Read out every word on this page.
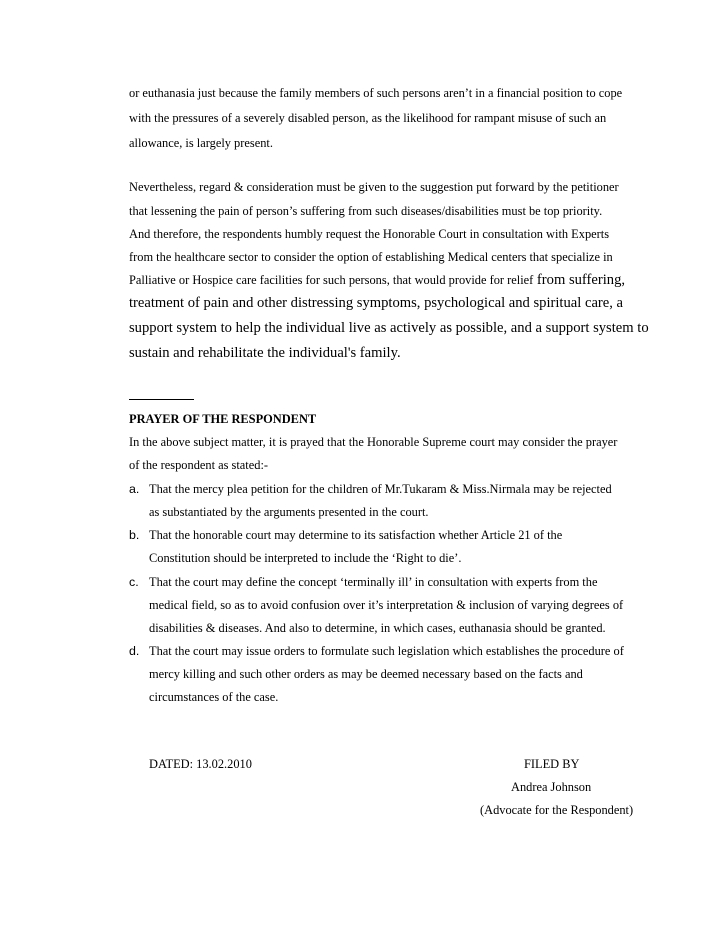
or euthanasia just because the family members of such persons aren’t in a financial position to cope
with the pressures of a severely disabled person, as the likelihood for rampant misuse of such an
allowance, is largely present.
Nevertheless, regard & consideration must be given to the suggestion put forward by the petitioner
that lessening the pain of person’s suffering from such diseases/disabilities must be top priority.
And therefore, the respondents humbly request the Honorable Court in consultation with Experts
from the healthcare sector to consider the option of establishing Medical centers that specialize in
Palliative or Hospice care facilities for such persons, that would provide for relief from suffering,
treatment of pain and other distressing symptoms, psychological and spiritual care, a
support system to help the individual live as actively as possible, and a support system to
sustain and rehabilitate the individual's family.
PRAYER OF THE RESPONDENT
In the above subject matter, it is prayed that the Honorable Supreme court may consider the prayer
of the respondent as stated:-
a. That the mercy plea petition for the children of Mr.Tukaram & Miss.Nirmala may be rejected
as substantiated by the arguments presented in the court.
b. That the honorable court may determine to its satisfaction whether Article 21 of the
Constitution should be interpreted to include the ‘Right to die’.
c. That the court may define the concept ‘terminally ill’ in consultation with experts from the
medical field, so as to avoid confusion over it’s interpretation & inclusion of varying degrees of
disabilities & diseases. And also to determine, in which cases, euthanasia should be granted.
d. That the court may issue orders to formulate such legislation which establishes the procedure of
mercy killing and such other orders as may be deemed necessary based on the facts and
circumstances of the case.
DATED: 13.02.2010	FILED BY
Andrea Johnson
(Advocate for the Respondent)
